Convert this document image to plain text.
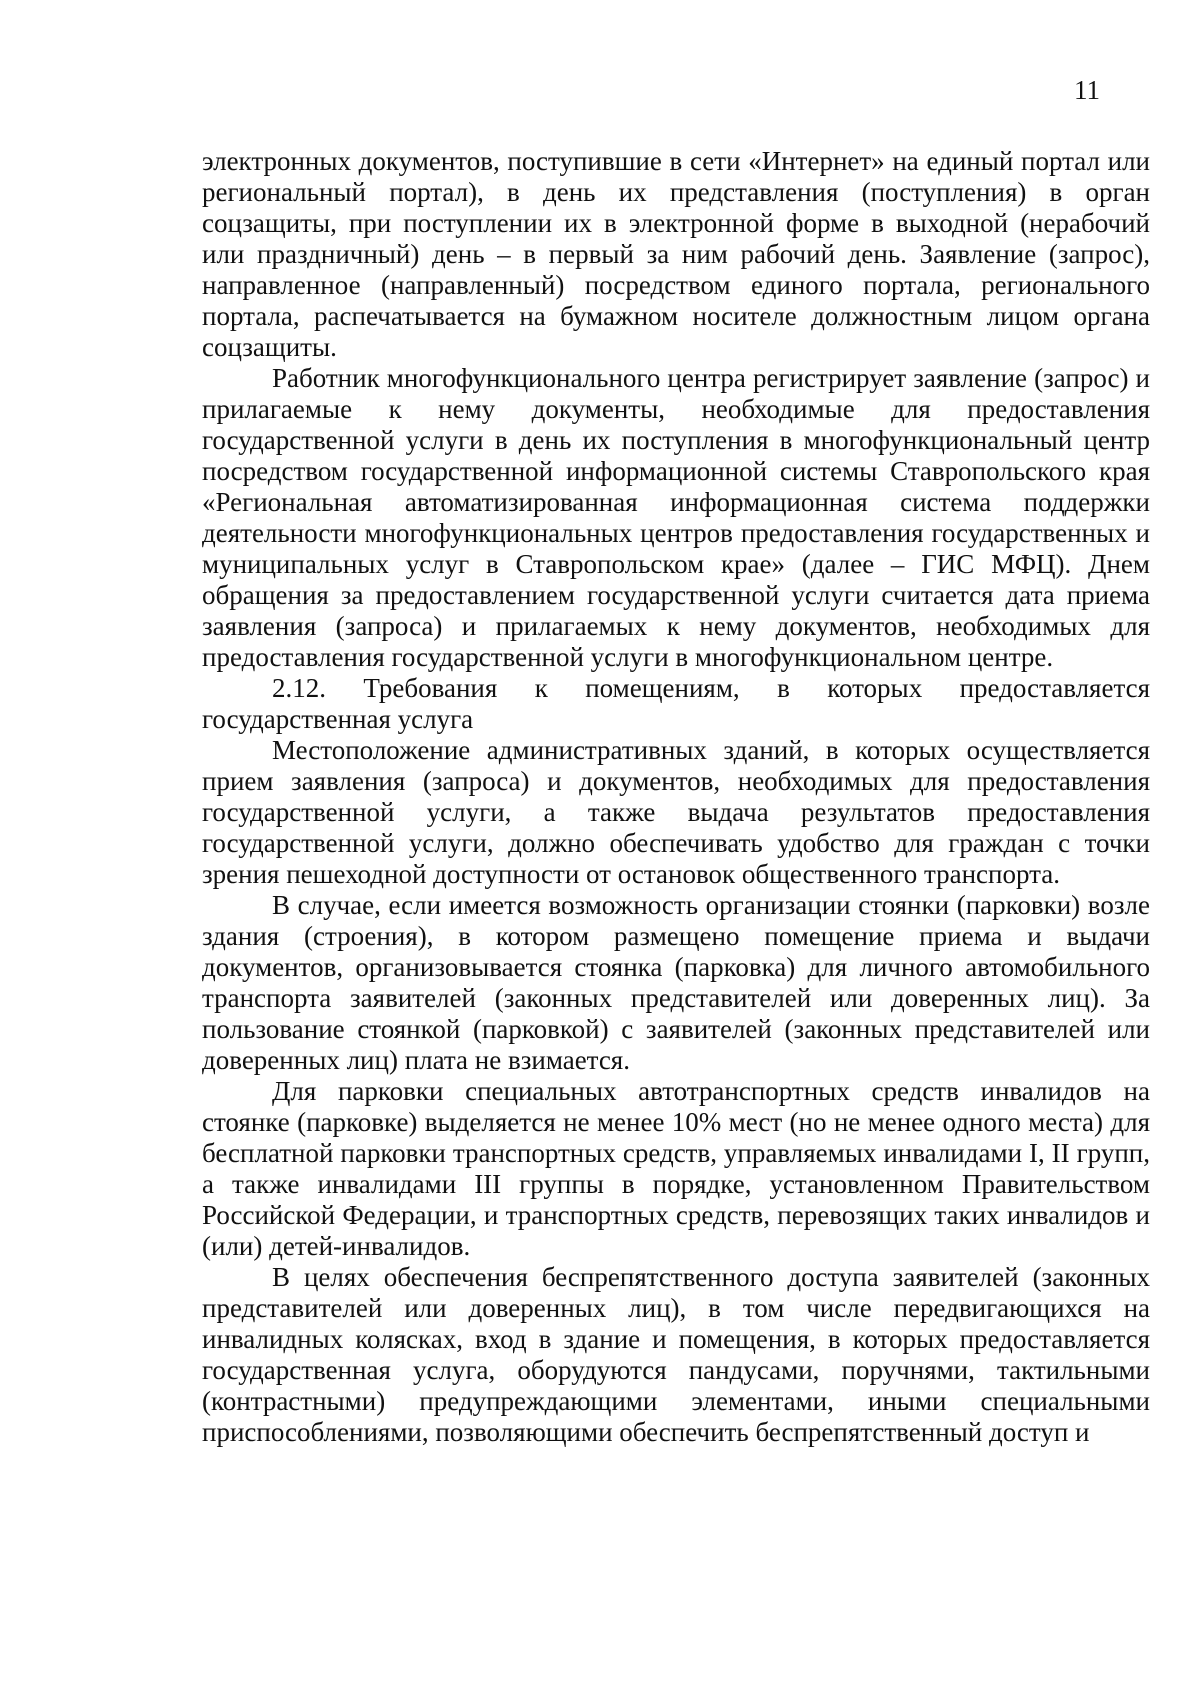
11

электронных документов, поступившие в сети «Интернет» на единый портал или региональный портал), в день их представления (поступления) в орган соцзащиты, при поступлении их в электронной форме в выходной (нерабочий или праздничный) день – в первый за ним рабочий день. Заявление (запрос), направленное (направленный) посредством единого портала, регионального портала, распечатывается на бумажном носителе должностным лицом органа соцзащиты.

Работник многофункционального центра регистрирует заявление (запрос) и прилагаемые к нему документы, необходимые для предоставления государственной услуги в день их поступления в многофункциональный центр посредством государственной информационной системы Ставропольского края «Региональная автоматизированная информационная система поддержки деятельности многофункциональных центров предоставления государственных и муниципальных услуг в Ставропольском крае» (далее – ГИС МФЦ). Днем обращения за предоставлением государственной услуги считается дата приема заявления (запроса) и прилагаемых к нему документов, необходимых для предоставления государственной услуги в многофункциональном центре.

2.12. Требования к помещениям, в которых предоставляется государственная услуга

Местоположение административных зданий, в которых осуществляется прием заявления (запроса) и документов, необходимых для предоставления государственной услуги, а также выдача результатов предоставления государственной услуги, должно обеспечивать удобство для граждан с точки зрения пешеходной доступности от остановок общественного транспорта.

В случае, если имеется возможность организации стоянки (парковки) возле здания (строения), в котором размещено помещение приема и выдачи документов, организовывается стоянка (парковка) для личного автомобильного транспорта заявителей (законных представителей или доверенных лиц). За пользование стоянкой (парковкой) с заявителей (законных представителей или доверенных лиц) плата не взимается.

Для парковки специальных автотранспортных средств инвалидов на стоянке (парковке) выделяется не менее 10% мест (но не менее одного места) для бесплатной парковки транспортных средств, управляемых инвалидами I, II групп, а также инвалидами III группы в порядке, установленном Правительством Российской Федерации, и транспортных средств, перевозящих таких инвалидов и (или) детей-инвалидов.

В целях обеспечения беспрепятственного доступа заявителей (законных представителей или доверенных лиц), в том числе передвигающихся на инвалидных колясках, вход в здание и помещения, в которых предоставляется государственная услуга, оборудуются пандусами, поручнями, тактильными (контрастными) предупреждающими элементами, иными специальными приспособлениями, позволяющими обеспечить беспрепятственный доступ и
